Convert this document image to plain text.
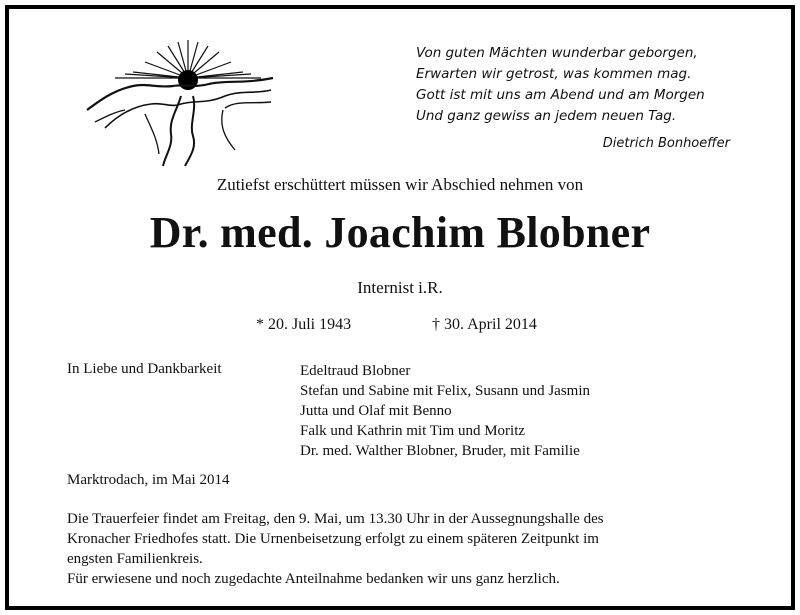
Von guten Mächten wunderbar geborgen,
Erwarten wir getrost, was kommen mag.
Gott ist mit uns am Abend und am Morgen
Und ganz gewiss an jedem neuen Tag.
Dietrich Bonhoeffer
Zutiefst erschüttert müssen wir Abschied nehmen von
Dr. med. Joachim Blobner
Internist i.R.
* 20. Juli 1943	† 30. April 2014
In Liebe und Dankbarkeit	Edeltraud Blobner
Stefan und Sabine mit Felix, Susann und Jasmin
Jutta und Olaf mit Benno
Falk und Kathrin mit Tim und Moritz
Dr. med. Walther Blobner, Bruder, mit Familie
Marktrodach, im Mai 2014
Die Trauerfeier findet am Freitag, den 9. Mai, um 13.30 Uhr in der Aussegnungshalle des
Kronacher Friedhofes statt. Die Urnenbeisetzung erfolgt zu einem späteren Zeitpunkt im
engsten Familienkreis.
Für erwiesene und noch zugedachte Anteilnahme bedanken wir uns ganz herzlich.
